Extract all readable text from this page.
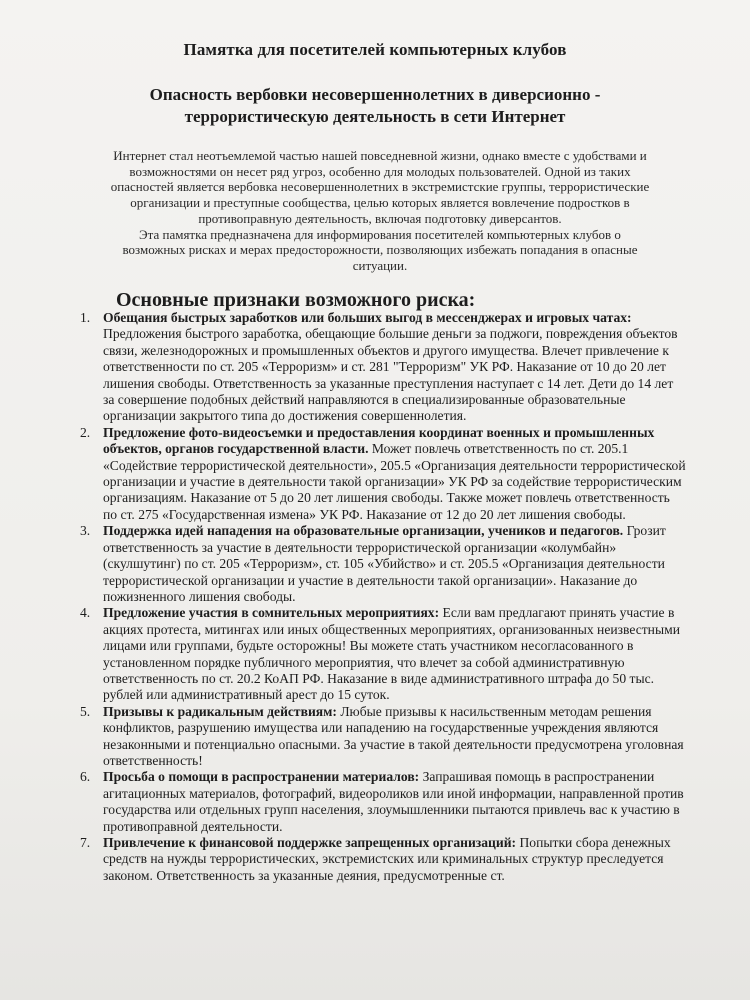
Памятка для посетителей компьютерных клубов
Опасность вербовки несовершеннолетних в диверсионно -
террористическую деятельность в сети Интернет

Интернет стал неотъемлемой частью нашей повседневной жизни, однако вместе с удобствами и возможностями он несет ряд угроз, особенно для молодых пользователей. Одной из таких опасностей является вербовка несовершеннолетних в экстремистские группы, террористические организации и преступные сообщества, целью которых является вовлечение подростков в противоправную деятельность, включая подготовку диверсантов.

Эта памятка предназначена для информирования посетителей компьютерных клубов о возможных рисках и мерах предосторожности, позволяющих избежать попадания в опасные ситуации.

Основные признаки возможного риска:
1. Обещания быстрых заработков или больших выгод в мессенджерах и игровых чатах: Предложения быстрого заработка, обещающие большие деньги за поджоги, повреждения объектов связи, железнодорожных и промышленных объектов и другого имущества. Влечет привлечение к ответственности по ст. 205 «Терроризм» и ст. 281 "Терроризм" УК РФ. Наказание от 10 до 20 лет лишения свободы. Ответственность за указанные преступления наступает с 14 лет. Дети до 14 лет за совершение подобных действий направляются в специализированные образовательные организации закрытого типа до достижения совершеннолетия.
2. Предложение фото-видеосъемки и предоставления координат военных и промышленных объектов, органов государственной власти. Может повлечь ответственность по ст. 205.1 «Содействие террористической деятельности», 205.5 «Организация деятельности террористической организации и участие в деятельности такой организации» УК РФ за содействие террористическим организациям. Наказание от 5 до 20 лет лишения свободы. Также может повлечь ответственность по ст. 275 «Государственная измена» УК РФ. Наказание от 12 до 20 лет лишения свободы.
3. Поддержка идей нападения на образовательные организации, учеников и педагогов. Грозит ответственность за участие в деятельности террористической организации «колумбайн» (скулшутинг) по ст. 205 «Терроризм», ст. 105 «Убийство» и ст. 205.5 «Организация деятельности террористической организации и участие в деятельности такой организации». Наказание до пожизненного лишения свободы.
4. Предложение участия в сомнительных мероприятиях: Если вам предлагают принять участие в акциях протеста, митингах или иных общественных мероприятиях, организованных неизвестными лицами или группами, будьте осторожны! Вы можете стать участником несогласованного в установленном порядке публичного мероприятия, что влечет за собой административную ответственность по ст. 20.2 КоАП РФ. Наказание в виде административного штрафа до 50 тыс. рублей или административный арест до 15 суток.
5. Призывы к радикальным действиям: Любые призывы к насильственным методам решения конфликтов, разрушению имущества или нападению на государственные учреждения являются незаконными и потенциально опасными. За участие в такой деятельности предусмотрена уголовная ответственность!
6. Просьба о помощи в распространении материалов: Запрашивая помощь в распространении агитационных материалов, фотографий, видеороликов или иной информации, направленной против государства или отдельных групп населения, злоумышленники пытаются привлечь вас к участию в противоправной деятельности.
7. Привлечение к финансовой поддержке запрещенных организаций: Попытки сбора денежных средств на нужды террористических, экстремистских или криминальных структур преследуется законом. Ответственность за указанные деяния, предусмотренные ст.
